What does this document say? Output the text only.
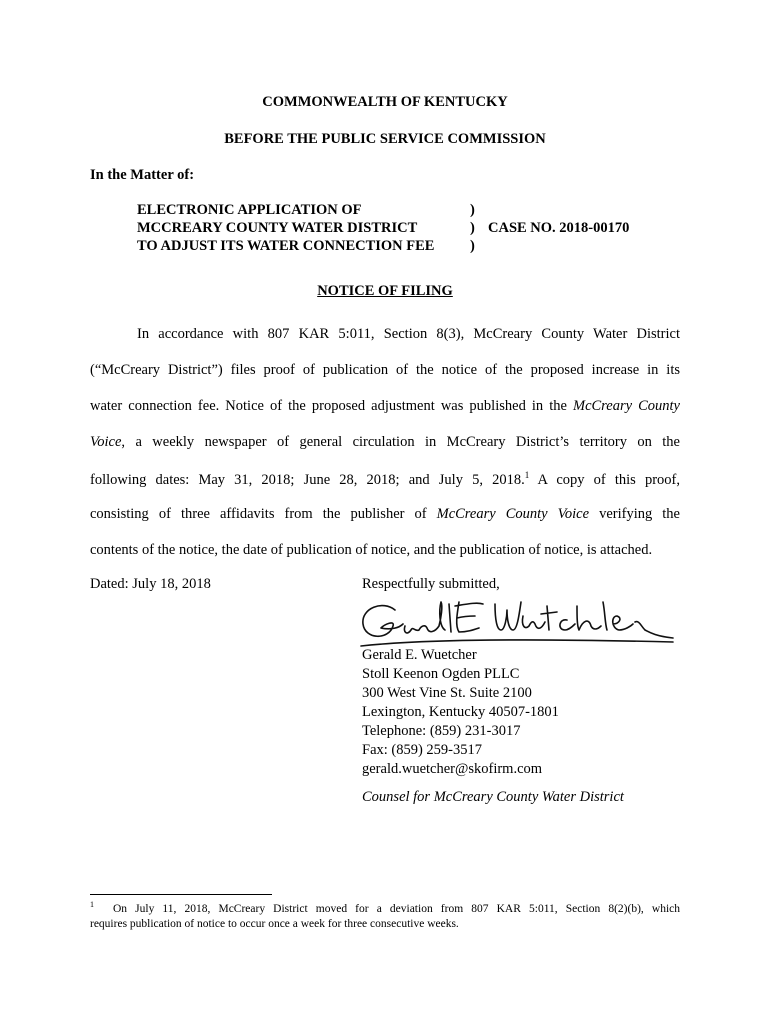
COMMONWEALTH OF KENTUCKY
BEFORE THE PUBLIC SERVICE COMMISSION
In the Matter of:
ELECTRONIC APPLICATION OF
MCCREARY COUNTY WATER DISTRICT
TO ADJUST ITS WATER CONNECTION FEE
)
)
)
CASE NO. 2018-00170
NOTICE OF FILING
In accordance with 807 KAR 5:011, Section 8(3), McCreary County Water District
(“McCreary District”) files proof of publication of the notice of the proposed increase in its
water connection fee. Notice of the proposed adjustment was published in the McCreary County
Voice, a weekly newspaper of general circulation in McCreary District’s territory on the
following dates: May 31, 2018; June 28, 2018; and July 5, 2018.$^1$ A copy of this proof,
consisting of three affidavits from the publisher of McCreary County Voice verifying the
contents of the notice, the date of publication of notice, and the publication of notice, is attached.
Dated: July 18, 2018	Respectfully submitted,
Gerald E. Wuetcher
Stoll Keenon Ogden PLLC
300 West Vine St. Suite 2100
Lexington, Kentucky 40507-1801
Telephone: (859) 231-3017
Fax: (859) 259-3517
gerald.wuetcher@skofirm.com
Counsel for McCreary County Water District
1 On July 11, 2018, McCreary District moved for a deviation from 807 KAR 5:011, Section 8(2)(b), which
requires publication of notice to occur once a week for three consecutive weeks.
